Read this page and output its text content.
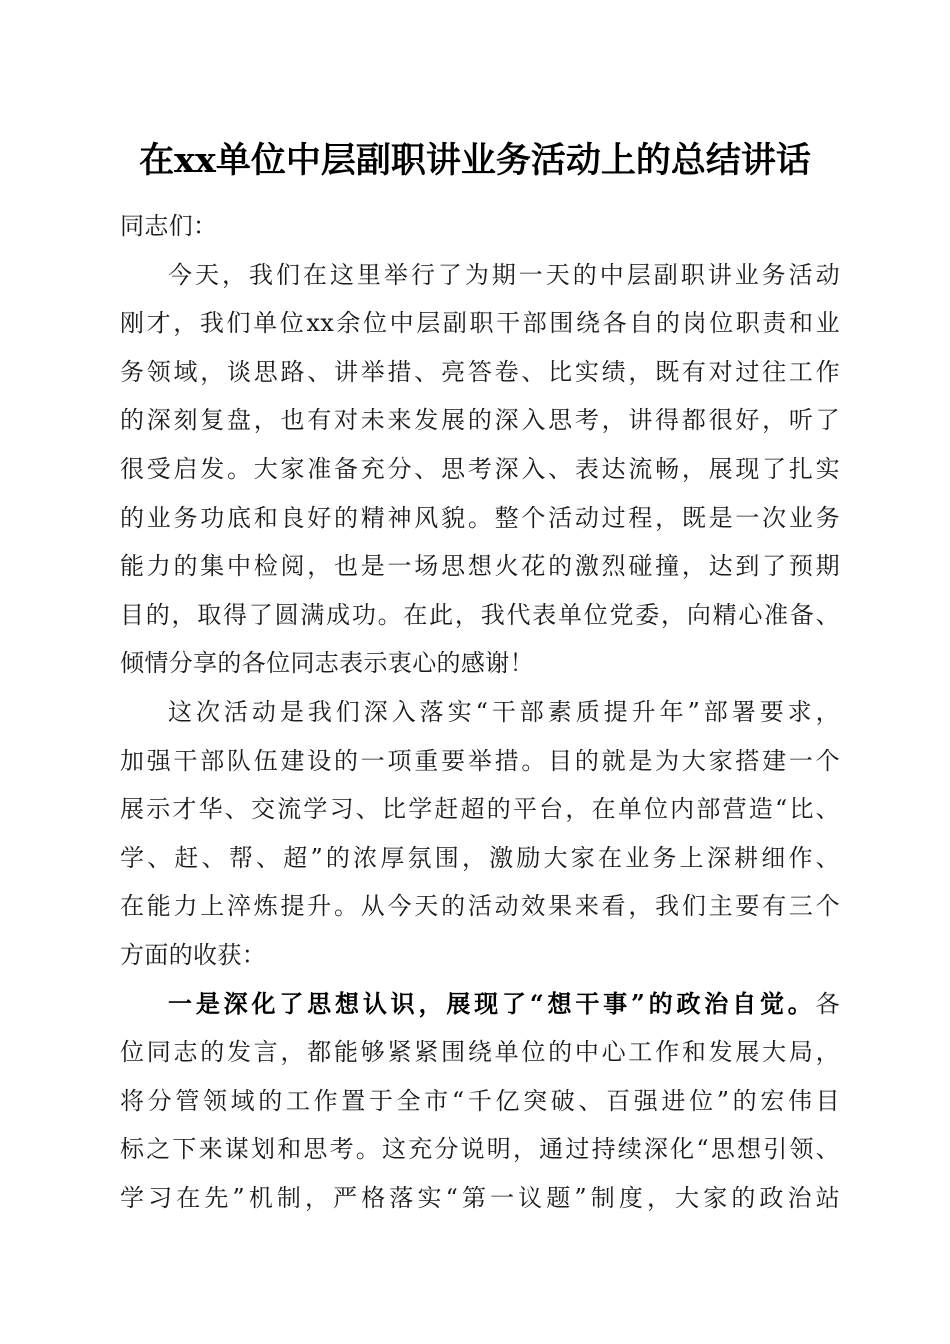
在xx单位中层副职讲业务活动上的总结讲话
同志们：
今天，我们在这里举行了为期一天的中层副职讲业务活动
刚才，我们单位xx余位中层副职干部围绕各自的岗位职责和业
务领域，谈思路、讲举措、亮答卷、比实绩，既有对过往工作
的深刻复盘，也有对未来发展的深入思考，讲得都很好，听了
很受启发。大家准备充分、思考深入、表达流畅，展现了扎实
的业务功底和良好的精神风貌。整个活动过程，既是一次业务
能力的集中检阅，也是一场思想火花的激烈碰撞，达到了预期
目的，取得了圆满成功。在此，我代表单位党委，向精心准备、
倾情分享的各位同志表示衷心的感谢！
这次活动是我们深入落实“干部素质提升年”部署要求，
加强干部队伍建设的一项重要举措。目的就是为大家搭建一个
展示才华、交流学习、比学赶超的平台，在单位内部营造“比、
学、赶、帮、超”的浓厚氛围，激励大家在业务上深耕细作、
在能力上淬炼提升。从今天的活动效果来看，我们主要有三个
方面的收获：
一是深化了思想认识，展现了“想干事”的政治自觉。各
位同志的发言，都能够紧紧围绕单位的中心工作和发展大局，
将分管领域的工作置于全市“千亿突破、百强进位”的宏伟目
标之下来谋划和思考。这充分说明，通过持续深化“思想引领、
学习在先”机制，严格落实“第一议题”制度，大家的政治站
